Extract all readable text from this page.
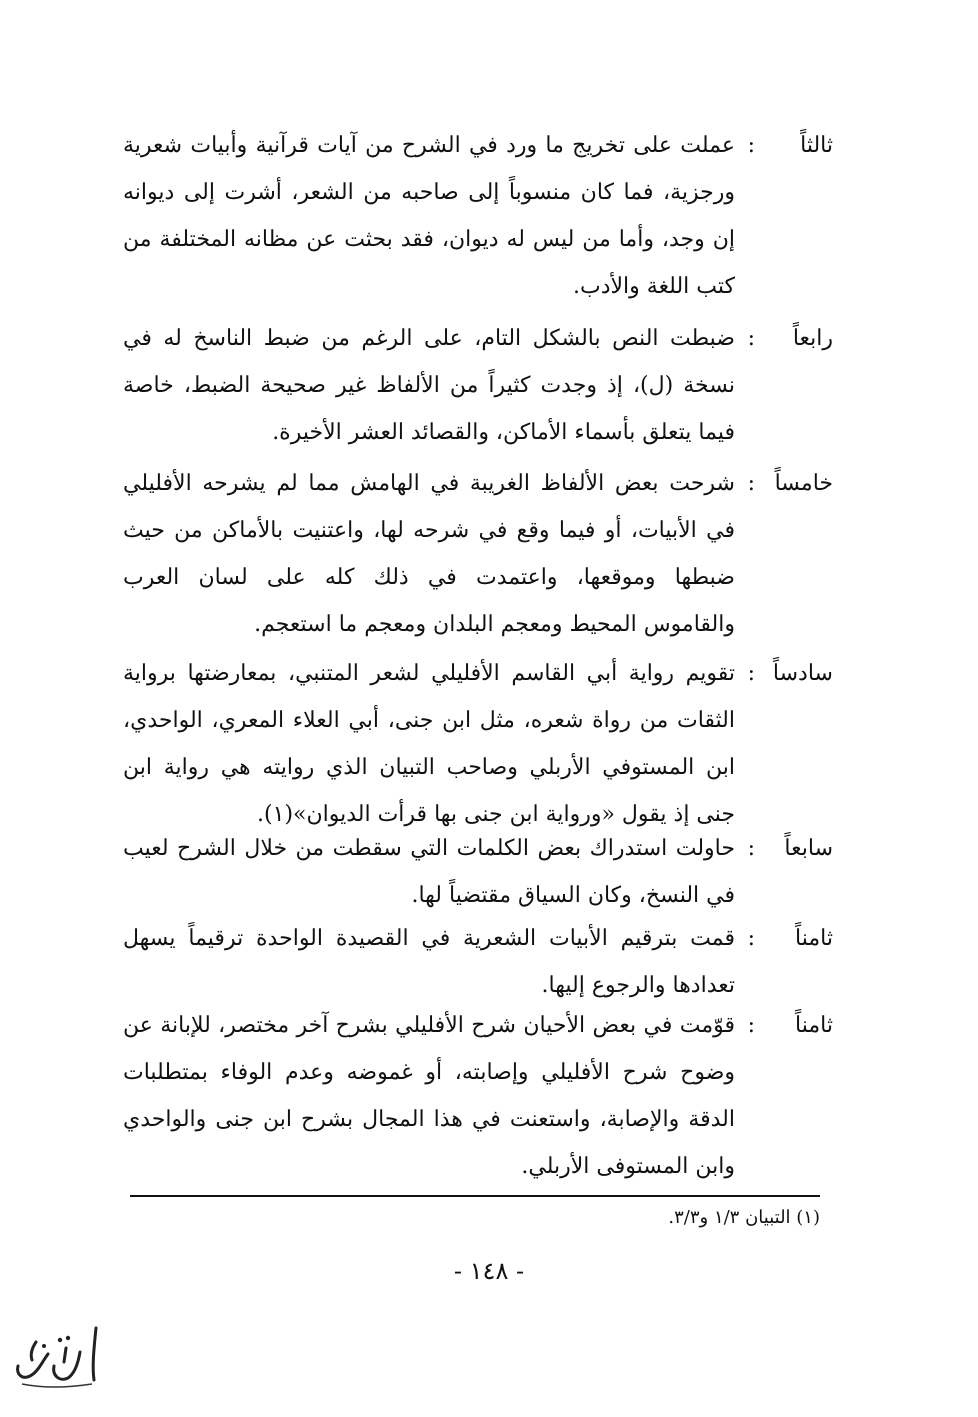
ثالثاً
:
عملت على تخريج ما ورد في الشرح من آيات قرآنية وأبيات شعرية ورجزية، فما كان منسوباً إلى صاحبه من الشعر، أشرت إلى ديوانه إن وجد، وأما من ليس له ديوان، فقد بحثت عن مظانه المختلفة من كتب اللغة والأدب.
رابعاً
:
ضبطت النص بالشكل التام، على الرغم من ضبط الناسخ له في نسخة (ل)، إذ وجدت كثيراً من الألفاظ غير صحيحة الضبط، خاصة فيما يتعلق بأسماء الأماكن، والقصائد العشر الأخيرة.
خامساً
:
شرحت بعض الألفاظ الغريبة في الهامش مما لم يشرحه الأفليلي في الأبيات، أو فيما وقع في شرحه لها، واعتنيت بالأماكن من حيث ضبطها وموقعها، واعتمدت في ذلك كله على لسان العرب والقاموس المحيط ومعجم البلدان ومعجم ما استعجم.
سادساً
:
تقويم رواية أبي القاسم الأفليلي لشعر المتنبي، بمعارضتها برواية الثقات من رواة شعره، مثل ابن جنى، أبي العلاء المعري، الواحدي، ابن المستوفي الأربلي وصاحب التبيان الذي روايته هي رواية ابن جنى إذ يقول «ورواية ابن جنى بها قرأت الديوان»(١).
سابعاً
:
حاولت استدراك بعض الكلمات التي سقطت من خلال الشرح لعيب في النسخ، وكان السياق مقتضياً لها.
ثامناً
:
قمت بترقيم الأبيات الشعرية في القصيدة الواحدة ترقيماً يسهل تعدادها والرجوع إليها.
ثامناً
:
قوّمت في بعض الأحيان شرح الأفليلي بشرح آخر مختصر، للإبانة عن وضوح شرح الأفليلي وإصابته، أو غموضه وعدم الوفاء بمتطلبات الدقة والإصابة، واستعنت في هذا المجال بشرح ابن جنى والواحدي وابن المستوفى الأربلي.
(١) التبيان ١/٣ و٣/٣.
- ١٤٨ -
